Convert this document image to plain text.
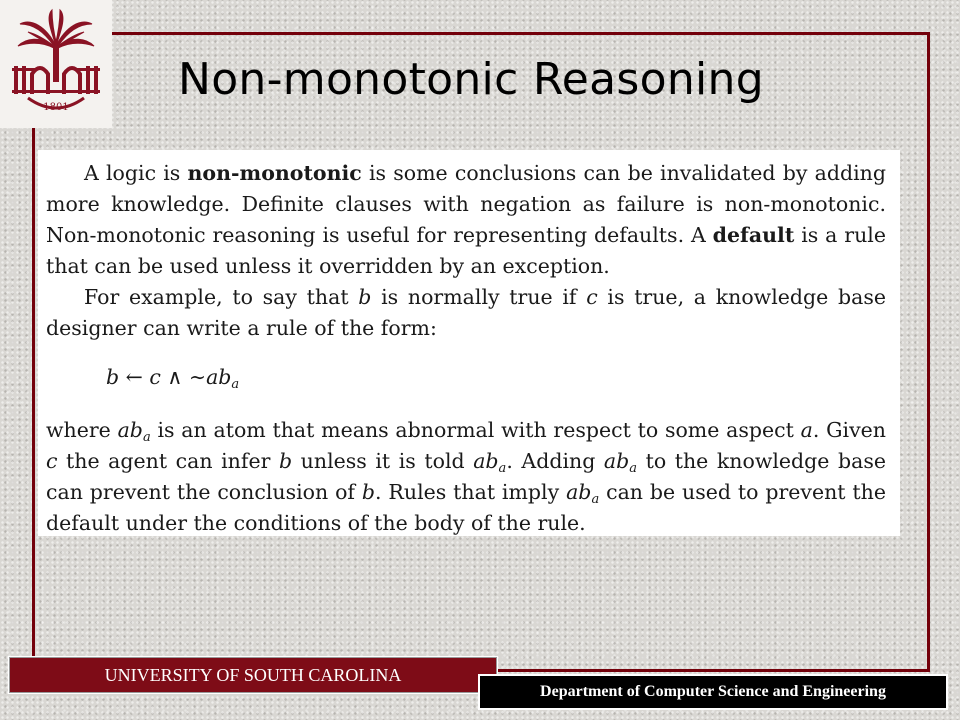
1801
Non-monotonic Reasoning

A logic is non-monotonic is some conclusions can be invalidated by adding more knowledge. Definite clauses with negation as failure is non-monotonic. Non-monotonic reasoning is useful for representing defaults. A default is a rule that can be used unless it overridden by an exception.

For example, to say that b is normally true if c is true, a knowledge base designer can write a rule of the form:

b ← c ∧ $\sim ab_a$

where $ab_a$ is an atom that means abnormal with respect to some aspect a. Given c the agent can infer b unless it is told $ab_a$. Adding $ab_a$ to the knowledge base can prevent the conclusion of b. Rules that imply $ab_a$ can be used to prevent the default under the conditions of the body of the rule.

UNIVERSITY OF SOUTH CAROLINA
Department of Computer Science and Engineering
